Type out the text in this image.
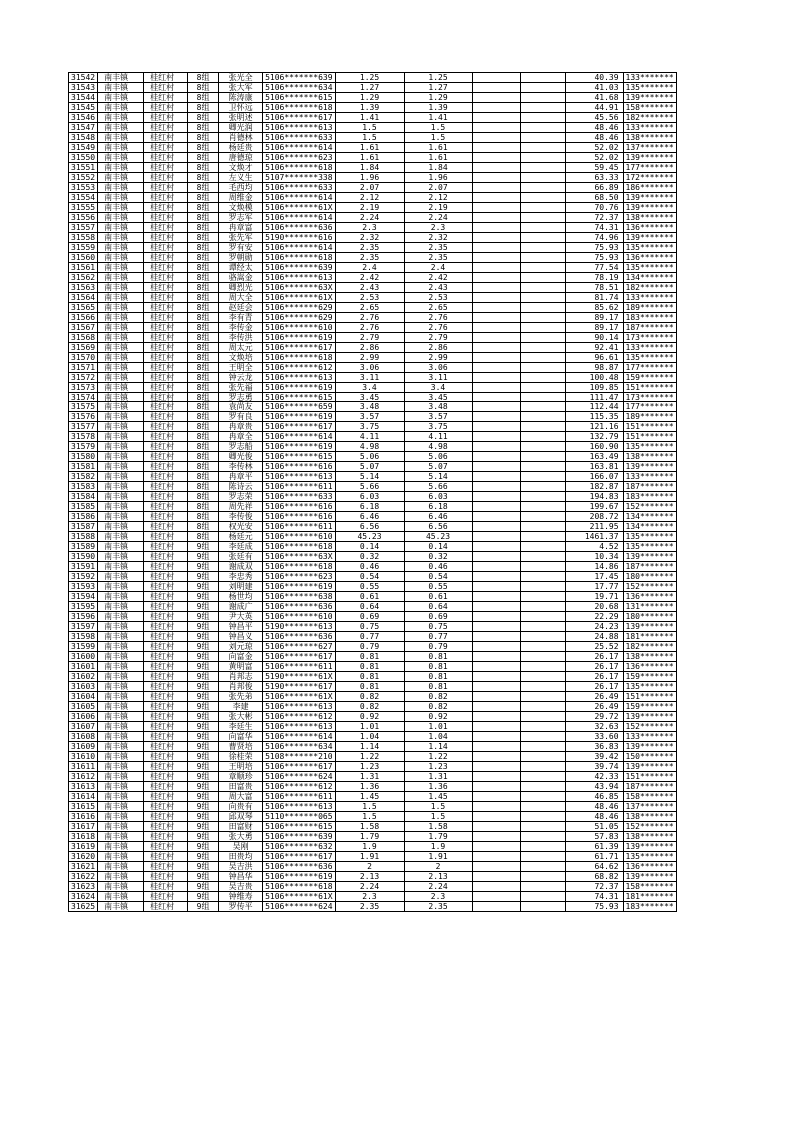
31542	南丰镇	桂红村	8组	张光全	5106*******639	1.25	1.25			40.39	133*******
31543	南丰镇	桂红村	8组	张大军	5106*******634	1.27	1.27			41.03	135*******
31544	南丰镇	桂红村	8组	陈涛康	5106*******615	1.29	1.29			41.68	139*******
31545	南丰镇	桂红村	8组	卫怀远	5106*******618	1.39	1.39			44.91	158*******
31546	南丰镇	桂红村	8组	张明述	5106*******617	1.41	1.41			45.56	182*******
31547	南丰镇	桂红村	8组	卿光润	5106*******613	1.5	1.5			48.46	133*******
31548	南丰镇	桂红村	8组	肖德林	5106*******633	1.5	1.5			48.46	138*******
31549	南丰镇	桂红村	8组	杨廷贵	5106*******614	1.61	1.61			52.02	137*******
31550	南丰镇	桂红村	8组	唐德琼	5106*******623	1.61	1.61			52.02	139*******
31551	南丰镇	桂红村	8组	文焕才	5106*******618	1.84	1.84			59.45	177*******
31552	南丰镇	桂红村	8组	左义生	5107*******338	1.96	1.96			63.33	172*******
31553	南丰镇	桂红村	8组	毛西均	5106*******633	2.07	2.07			66.89	186*******
31554	南丰镇	桂红村	8组	周维金	5106*******614	2.12	2.12			68.50	139*******
31555	南丰镇	桂红村	8组	文焕模	5106*******61X	2.19	2.19			70.76	139*******
31556	南丰镇	桂红村	8组	罗志军	5106*******614	2.24	2.24			72.37	138*******
31557	南丰镇	桂红村	8组	冉章富	5106*******636	2.3	2.3			74.31	136*******
31558	南丰镇	桂红村	8组	张先军	5190*******616	2.32	2.32			74.96	139*******
31559	南丰镇	桂红村	8组	罗有安	5106*******614	2.35	2.35			75.93	135*******
31560	南丰镇	桂红村	8组	罗朝勋	5106*******618	2.35	2.35			75.93	136*******
31561	南丰镇	桂红村	8组	谭经太	5106*******639	2.4	2.4			77.54	135*******
31562	南丰镇	桂红村	8组	骆嵩金	5106*******613	2.42	2.42			78.19	134*******
31563	南丰镇	桂红村	8组	卿烈光	5106*******63X	2.43	2.43			78.51	182*******
31564	南丰镇	桂红村	8组	周大全	5106*******61X	2.53	2.53			81.74	133*******
31565	南丰镇	桂红村	8组	赵廷会	5106*******629	2.65	2.65			85.62	189*******
31566	南丰镇	桂红村	8组	李有青	5106*******629	2.76	2.76			89.17	183*******
31567	南丰镇	桂红村	8组	李传金	5106*******610	2.76	2.76			89.17	187*******
31568	南丰镇	桂红村	8组	李传洪	5106*******619	2.79	2.79			90.14	173*******
31569	南丰镇	桂红村	8组	周太元	5106*******617	2.86	2.86			92.41	133*******
31570	南丰镇	桂红村	8组	文焕培	5106*******618	2.99	2.99			96.61	135*******
31571	南丰镇	桂红村	8组	王明全	5106*******612	3.06	3.06			98.87	177*******
31572	南丰镇	桂红村	8组	钟云龙	5106*******613	3.11	3.11			100.48	159*******
31573	南丰镇	桂红村	8组	张先福	5106*******619	3.4	3.4			109.85	151*******
31574	南丰镇	桂红村	8组	罗志勇	5106*******615	3.45	3.45			111.47	173*******
31575	南丰镇	桂红村	8组	袁尚友	5106*******659	3.48	3.48			112.44	177*******
31576	南丰镇	桂红村	8组	罗有良	5106*******619	3.57	3.57			115.35	189*******
31577	南丰镇	桂红村	8组	冉章贵	5106*******617	3.75	3.75			121.16	151*******
31578	南丰镇	桂红村	8组	冉章全	5106*******614	4.11	4.11			132.79	151*******
31579	南丰镇	桂红村	8组	罗志船	5106*******619	4.98	4.98			160.90	135*******
31580	南丰镇	桂红村	8组	卿光俊	5106*******615	5.06	5.06			163.49	138*******
31581	南丰镇	桂红村	8组	李传林	5106*******616	5.07	5.07			163.81	139*******
31582	南丰镇	桂红村	8组	冉章平	5106*******613	5.14	5.14			166.07	133*******
31583	南丰镇	桂红村	8组	陈诗云	5106*******611	5.66	5.66			182.87	187*******
31584	南丰镇	桂红村	8组	罗志荣	5106*******633	6.03	6.03			194.83	183*******
31585	南丰镇	桂红村	8组	周先祥	5106*******616	6.18	6.18			199.67	152*******
31586	南丰镇	桂红村	8组	李传俊	5106*******616	6.46	6.46			208.72	134*******
31587	南丰镇	桂红村	8组	权光安	5106*******611	6.56	6.56			211.95	134*******
31588	南丰镇	桂红村	8组	杨廷元	5106*******610	45.23	45.23			1461.37	135*******
31589	南丰镇	桂红村	9组	李廷成	5106*******618	0.14	0.14			4.52	135*******
31590	南丰镇	桂红村	9组	张廷有	5106*******63X	0.32	0.32			10.34	139*******
31591	南丰镇	桂红村	9组	谢成双	5106*******618	0.46	0.46			14.86	187*******
31592	南丰镇	桂红村	9组	李忠秀	5106*******623	0.54	0.54			17.45	180*******
31593	南丰镇	桂红村	9组	刘明建	5106*******619	0.55	0.55			17.77	152*******
31594	南丰镇	桂红村	9组	杨世均	5106*******638	0.61	0.61			19.71	136*******
31595	南丰镇	桂红村	9组	谢成广	5106*******636	0.64	0.64			20.68	131*******
31596	南丰镇	桂红村	9组	尹大英	5106*******610	0.69	0.69			22.29	180*******
31597	南丰镇	桂红村	9组	钟昌平	5190*******613	0.75	0.75			24.23	139*******
31598	南丰镇	桂红村	9组	钟昌义	5106*******636	0.77	0.77			24.88	181*******
31599	南丰镇	桂红村	9组	刘元琼	5106*******627	0.79	0.79			25.52	182*******
31600	南丰镇	桂红村	9组	向富金	5106*******617	0.81	0.81			26.17	138*******
31601	南丰镇	桂红村	9组	黄明富	5106*******611	0.81	0.81			26.17	136*******
31602	南丰镇	桂红村	9组	肖邦志	5190*******61X	0.81	0.81			26.17	159*******
31603	南丰镇	桂红村	9组	肖邦俊	5190*******617	0.81	0.81			26.17	135*******
31604	南丰镇	桂红村	9组	张先弟	5106*******61X	0.82	0.82			26.49	151*******
31605	南丰镇	桂红村	9组	李建	5106*******613	0.82	0.82			26.49	159*******
31606	南丰镇	桂红村	9组	张大彬	5106*******612	0.92	0.92			29.72	139*******
31607	南丰镇	桂红村	9组	李廷生	5106*******613	1.01	1.01			32.63	152*******
31608	南丰镇	桂红村	9组	向富华	5106*******614	1.04	1.04			33.60	133*******
31609	南丰镇	桂红村	9组	曹贤培	5106*******634	1.14	1.14			36.83	139*******
31610	南丰镇	桂红村	9组	徐桂荣	5108*******210	1.22	1.22			39.42	150*******
31611	南丰镇	桂红村	9组	王明培	5106*******617	1.23	1.23			39.74	139*******
31612	南丰镇	桂红村	9组	章顺珍	5106*******624	1.31	1.31			42.33	151*******
31613	南丰镇	桂红村	9组	田富贵	5106*******612	1.36	1.36			43.94	187*******
31614	南丰镇	桂红村	9组	周大富	5106*******611	1.45	1.45			46.85	158*******
31615	南丰镇	桂红村	9组	向贵有	5106*******613	1.5	1.5			48.46	137*******
31616	南丰镇	桂红村	9组	邱双琴	5110*******065	1.5	1.5			48.46	138*******
31617	南丰镇	桂红村	9组	田富财	5106*******615	1.58	1.58			51.05	152*******
31618	南丰镇	桂红村	9组	张大勇	5106*******639	1.79	1.79			57.83	138*******
31619	南丰镇	桂红村	9组	吴刚	5106*******632	1.9	1.9			61.39	139*******
31620	南丰镇	桂红村	9组	田贵均	5106*******617	1.91	1.91			61.71	135*******
31621	南丰镇	桂红村	9组	吴吉洪	5106*******636	2	2			64.62	136*******
31622	南丰镇	桂红村	9组	钟昌华	5106*******619	2.13	2.13			68.82	139*******
31623	南丰镇	桂红村	9组	吴吉贵	5106*******618	2.24	2.24			72.37	158*******
31624	南丰镇	桂红村	9组	钟维寿	5106*******61X	2.3	2.3			74.31	181*******
31625	南丰镇	桂红村	9组	罗传平	5106*******624	2.35	2.35			75.93	183*******
